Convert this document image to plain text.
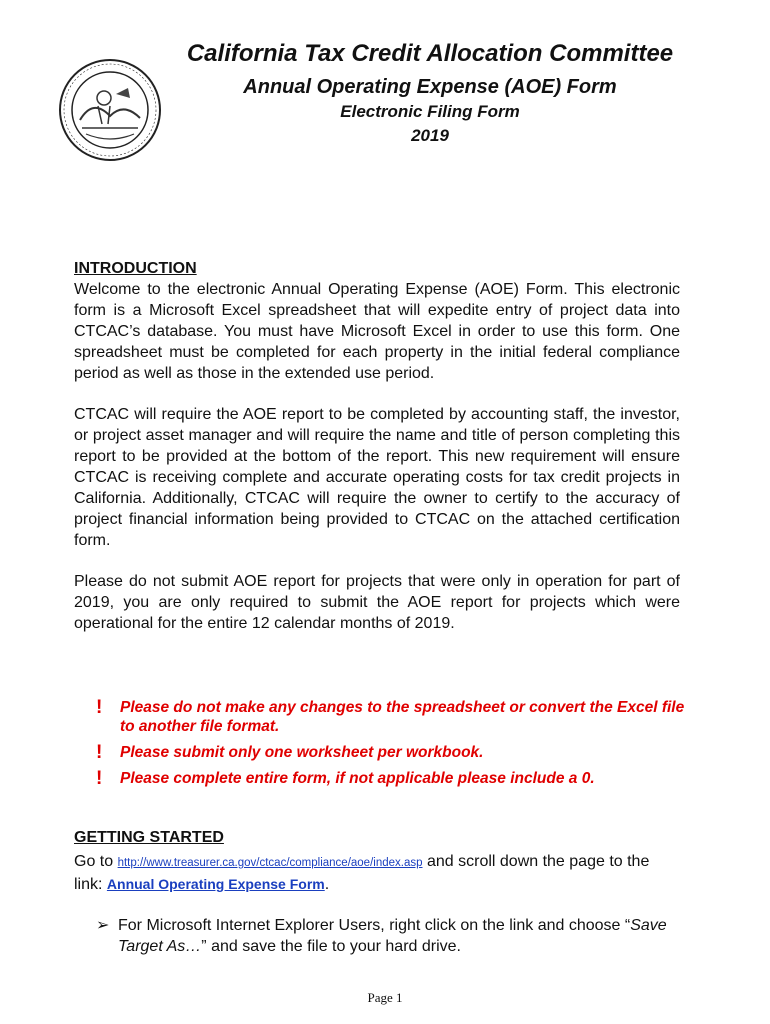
California Tax Credit Allocation Committee
Annual Operating Expense (AOE) Form
Electronic Filing Form
2019
INTRODUCTION

Welcome to the electronic Annual Operating Expense (AOE) Form. This electronic form is a Microsoft Excel spreadsheet that will expedite entry of project data into CTCAC’s database. You must have Microsoft Excel in order to use this form. One spreadsheet must be completed for each property in the initial federal compliance period as well as those in the extended use period.

CTCAC will require the AOE report to be completed by accounting staff, the investor, or project asset manager and will require the name and title of person completing this report to be provided at the bottom of the report. This new requirement will ensure CTCAC is receiving complete and accurate operating costs for tax credit projects in California. Additionally, CTCAC will require the owner to certify to the accuracy of project financial information being provided to CTCAC on the attached certification form.

Please do not submit AOE report for projects that were only in operation for part of 2019, you are only required to submit the AOE report for projects which were operational for the entire 12 calendar months of 2019.

!	Please do not make any changes to the spreadsheet or convert the Excel file to another file format.
!	Please submit only one worksheet per workbook.
!	Please complete entire form, if not applicable please include a 0.
GETTING STARTED
Go to http://www.treasurer.ca.gov/ctcac/compliance/aoe/index.asp and scroll down the page to the link: Annual Operating Expense Form.
➢ For Microsoft Internet Explorer Users, right click on the link and choose “Save Target As…” and save the file to your hard drive.
Page 1
